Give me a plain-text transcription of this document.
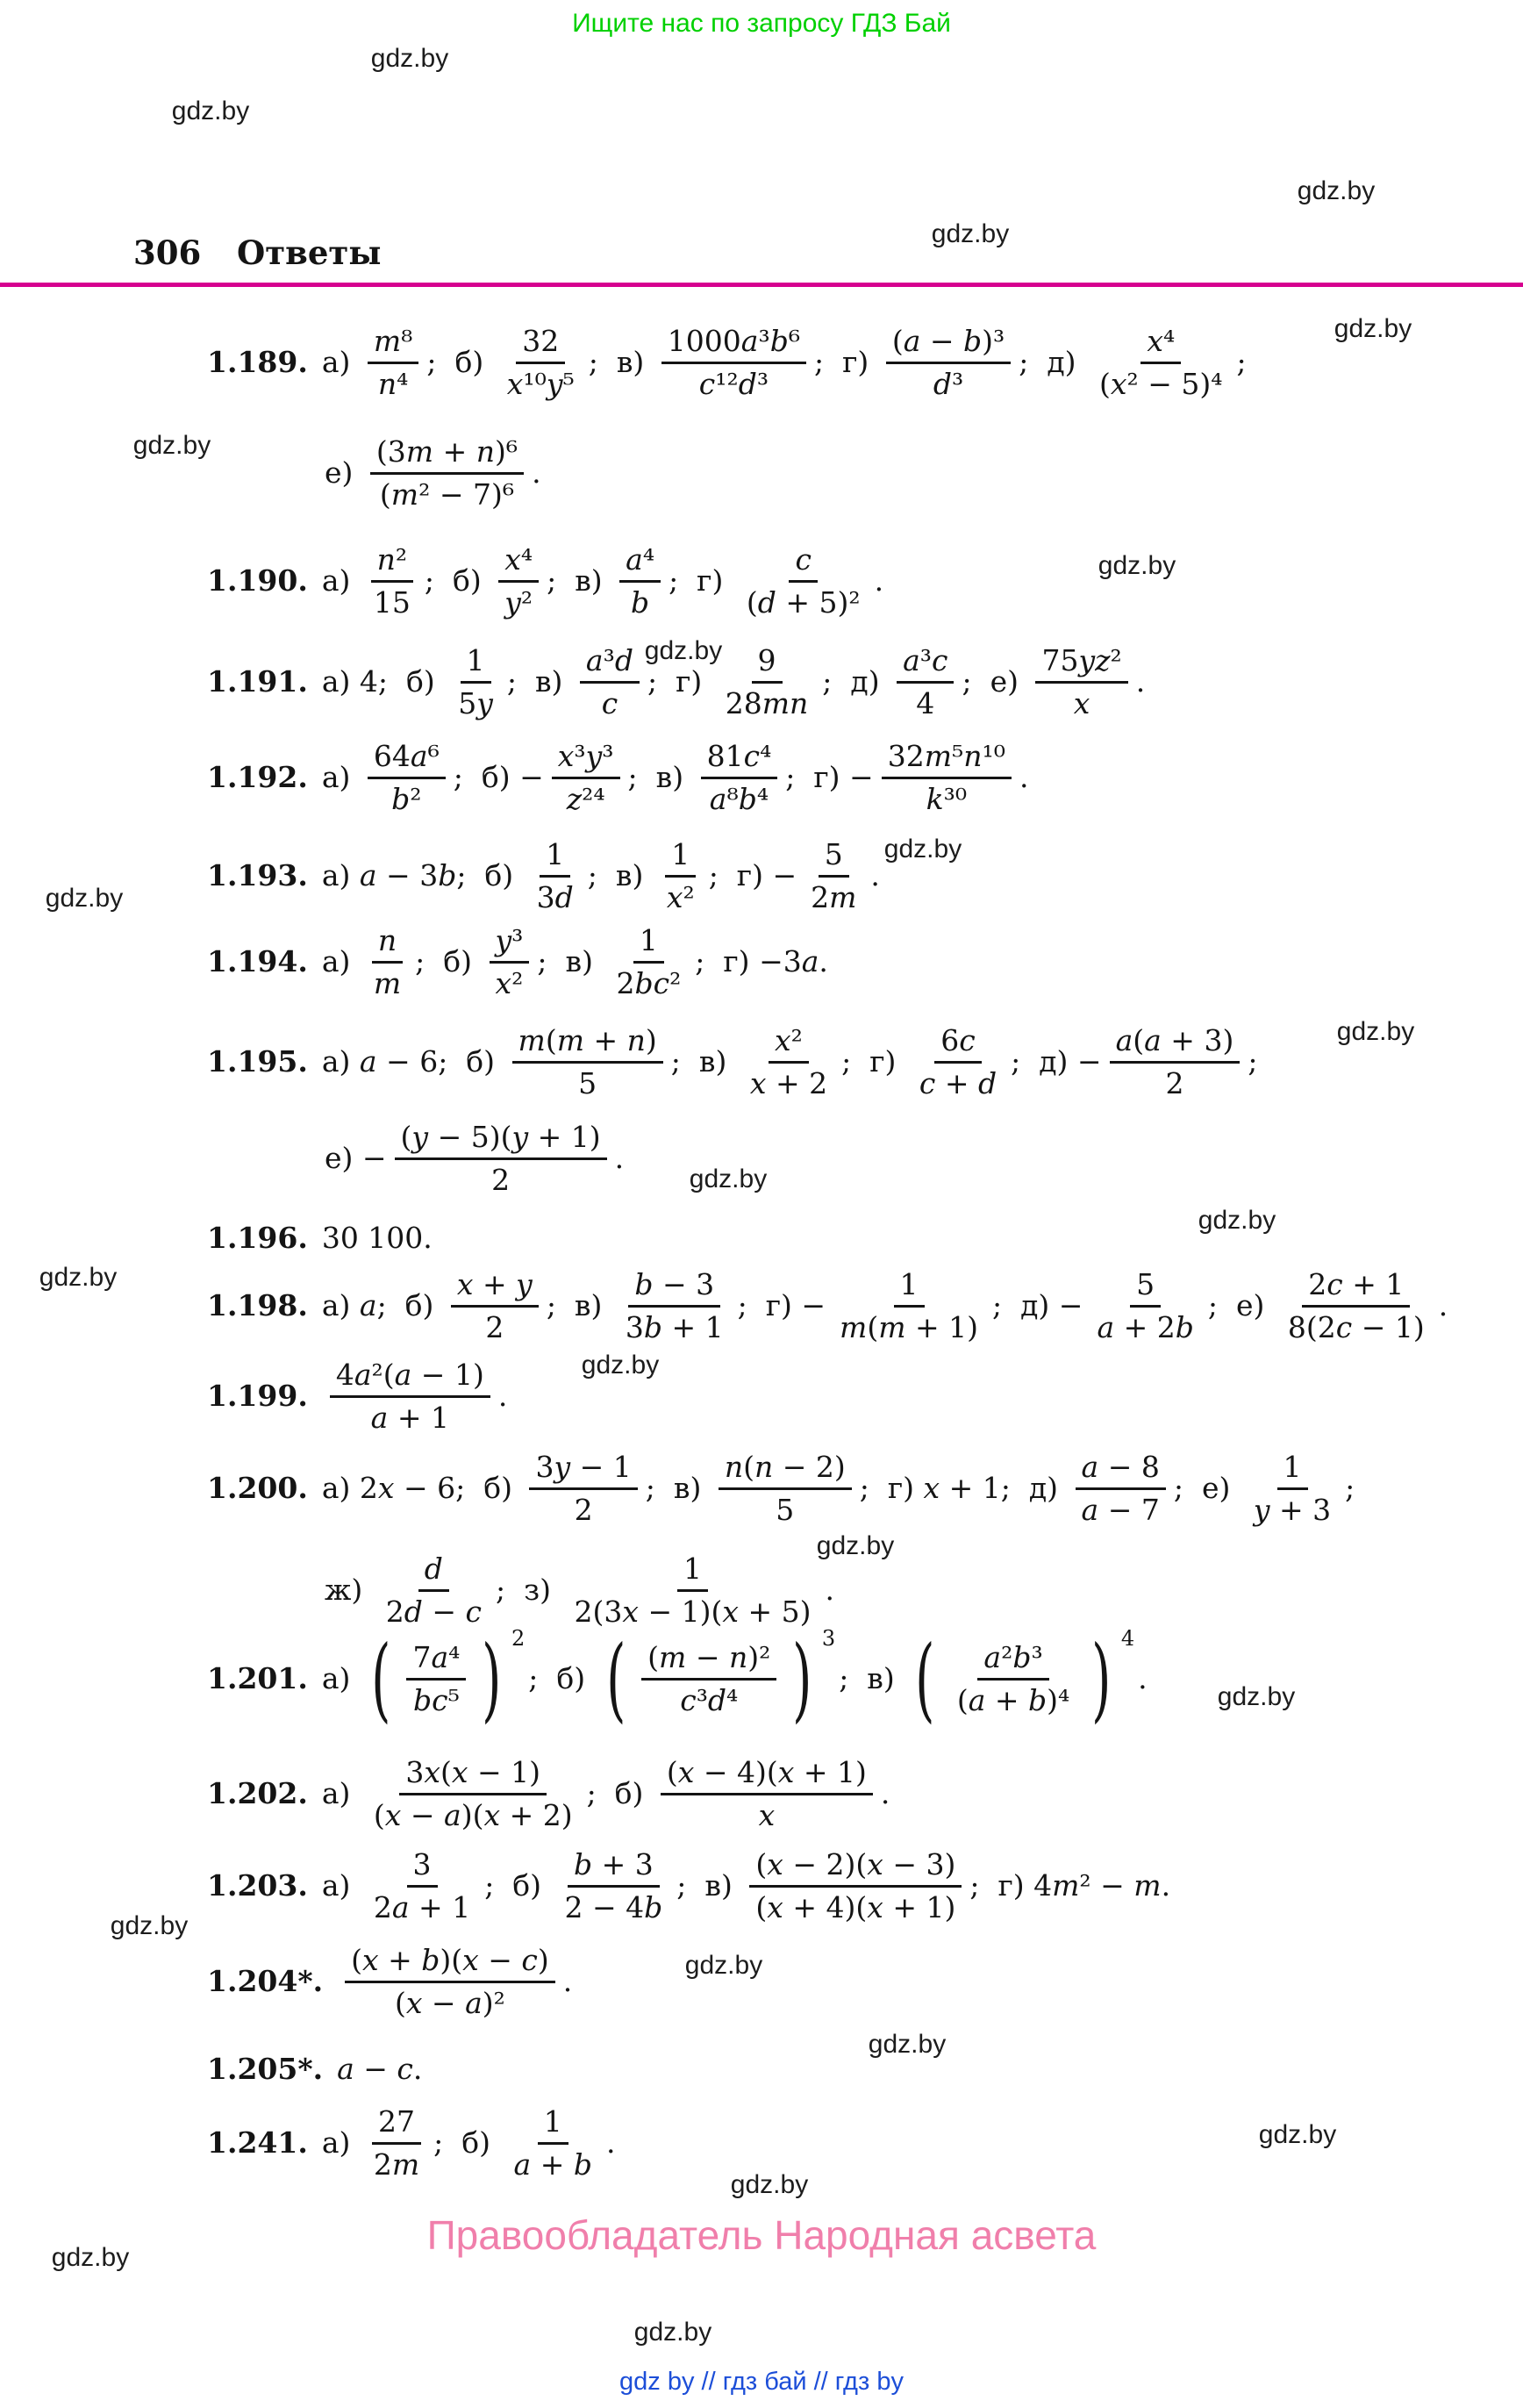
Ищите нас по запросу ГДЗ Бай
gdz.by
gdz.by
gdz.by
gdz.by
gdz.by
gdz.by
gdz.by
gdz.by
gdz.by
gdz.by
gdz.by
gdz.by
gdz.by
gdz.by
gdz.by
gdz.by
gdz.by
gdz.by
gdz.by
gdz.by
gdz.by
gdz.by
gdz.by
gdz.by
306 Ответы
1.189. $а) \frac{\text{m⁸}}{\text{n⁴}}$ ;  $б) \frac{32}{\text{x¹⁰y⁵}}$ ;  $в) \frac{\text{1000a³b⁶}}{\text{c¹²d³}}$ ;  $г) \frac{\text{(a − b)³}}{\text{d³}}$ ;  $д) \frac{\text{x⁴}}{\text{(x² − 5)⁴}}$ ;
$е) \frac{\text{(3m + n)⁶}}{\text{(m² − 7)⁶}}$ .
1.190. $а) \frac{\text{n²}}{15}$ ;  $б) \frac{\text{x⁴}}{\text{y²}}$ ;  $в) \frac{\text{a⁴}}{b}$ ;  $г) \frac{c}{\text{(d + 5)²}}$ .
1.191. а) 4 ;  $б) \frac{1}{5y}$ ;  $в) \frac{\text{a³d}}{c}$ ;  $г) \frac{9}{28mn}$ ;  $д) \frac{\text{a³c}}{4}$ ;  $е) \frac{\text{75yz²}}{x}$ .
1.192. $а) \frac{\text{64a⁶}}{\text{b²}}$ ;  $б) - \frac{\text{x³y³}}{\text{z²⁴}}$ ;  $в) \frac{\text{81c⁴}}{\text{a⁸b⁴}}$ ;  $г) - \frac{\text{32m⁵n¹⁰}}{\text{k³⁰}}$ .
1.193. а) a − 3b ;  $б) \frac{1}{3d}$ ;  $в) \frac{1}{\text{x²}}$ ;  $г) - \frac{5}{2m}$ .
1.194. $а) \frac{n}{m}$ ;  $б) \frac{\text{y³}}{\text{x²}}$ ;  $в) \frac{1}{\text{2bc²}}$ ;  г) −3a .
1.195. а) a − 6 ;  $б) \frac{m(m + n)}{5}$ ;  $в) \frac{\text{x²}}{x + 2}$ ;  $г) \frac{6c}{c + d}$ ;  $д) - \frac{a(a + 3)}{2}$ ;
$е) - \frac{(y - 5)(y + 1)}{2}$ .
1.196. 30 100.
1.198. а) a ;  $б) \frac{x + y}{2}$ ;  $в) \frac{b - 3}{3b + 1}$ ;  $г) - \frac{1}{m(m + 1)}$ ;  $д) - \frac{5}{a + 2b}$ ;  $е) \frac{2c + 1}{8(2c - 1)}$ .
1.199. $\frac{\text{4a²(a − 1)}}{a + 1}$ .
1.200. а) 2x − 6 ;  $б) \frac{3y - 1}{2}$ ;  $в) \frac{n(n - 2)}{5}$ ;  г) x + 1 ;  $д) \frac{a - 8}{a - 7}$ ;  $е) \frac{1}{y + 3}$ ;
$ж) \frac{d}{2d - c}$ ;  $з) \frac{1}{2(3x - 1)(x + 5)}$ .
1.201. а) ( $\frac{\text{7a⁴}}{\text{bc⁵}}$ ) $^2$
;  б) ( $\frac{\text{(m − n)²}}{\text{c³d⁴}}$ ) $^3$
;  в) ( $\frac{\text{a²b³}}{\text{(a + b)⁴}}$ ) $^4$
.
1.202. $а) \frac{3x(x - 1)}{(x - a)(x + 2)}$ ;  $б) \frac{(x - 4)(x + 1)}{x}$ .
1.203. $а) \frac{3}{2a + 1}$ ;  $б) \frac{b + 3}{2 - 4b}$ ;  $в) \frac{(x - 2)(x - 3)}{(x + 4)(x + 1)}$ ;  г) 4m² − m .
1.204*. $\frac{(x + b)(x - c)}{\text{(x − a)²}}$ .
1.205*. a − c .
1.241. $а) \frac{27}{2m}$ ;  $б) \frac{1}{a + b}$ .
Правообладатель Народная асвета
gdz by // гдз бай // гдз by
